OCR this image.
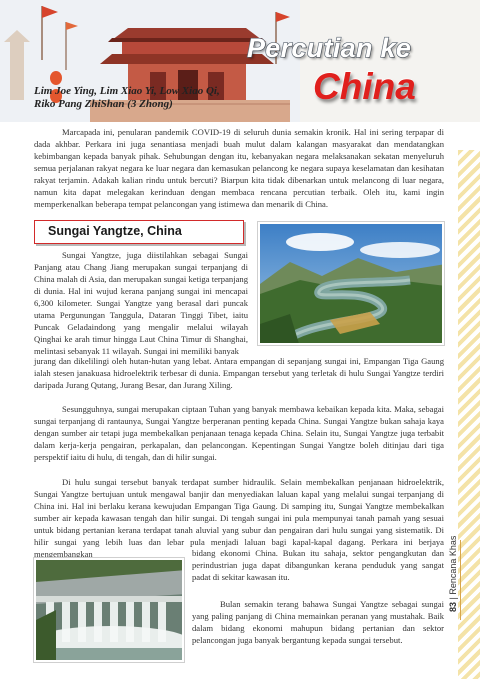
Percutian ke
China
Lim Joe Ying, Lim Xiao Yi, Low Xiao Qi,
Riko Pang ZhiShan (3 Zhong)
Marcapada ini, penularan pandemik COVID-19 di seluruh dunia semakin kronik. Hal ini sering terpapar di dada akhbar. Perkara ini juga senantiasa menjadi buah mulut dalam kalangan masyarakat dan mendatangkan kebimbangan kepada banyak pihak. Sehubungan dengan itu, kebanyakan negara melaksanakan sekatan menyeluruh semua perjalanan rakyat negara ke luar negara dan kemasukan pelancong ke negara supaya keselamatan dan kesihatan rakyat terjamin. Adakah kalian rindu untuk bercuti? Biarpun kita tidak dibenarkan untuk melancong di luar negara, namun kita dapat melegakan kerinduan dengan membaca rencana percutian terbaik. Oleh itu, kami ingin memperkenalkan beberapa tempat pelancongan yang istimewa dan menarik di China.
Sungai Yangtze, China
Sungai Yangtze, juga diistilahkan sebagai Sungai Panjang atau Chang Jiang merupakan sungai terpanjang di China malah di Asia, dan merupakan sungai ketiga terpanjang di dunia. Hal ini wujud kerana panjang sungai ini mencapai 6,300 kilometer. Sungai Yangtze yang berasal dari puncak utama Pergunungan Tanggula, Dataran Tinggi Tibet, iaitu Puncak Geladaindong yang mengalir melalui wilayah Qinghai ke arah timur hingga Laut China Timur di Shanghai, melintasi sebanyak 11 wilayah. Sungai ini memiliki banyak
jurang dan dikelilingi oleh hutan-hutan yang lebat. Antara empangan di sepanjang sungai ini, Empangan Tiga Gaung ialah stesen janakuasa hidroelektrik terbesar di dunia. Empangan tersebut yang terletak di hulu Sungai Yangtze terdiri daripada Jurang Qutang, Jurang Besar, dan Jurang Xiling.
Sesungguhnya, sungai merupakan ciptaan Tuhan yang banyak membawa kebaikan kepada kita. Maka, sebagai sungai terpanjang di rantaunya, Sungai Yangtze berperanan penting kepada China. Sungai Yangtze bukan sahaja kaya dengan sumber air tetapi juga membekalkan penjanaan tenaga kepada China. Selain itu, Sungai Yangtze juga terbabit dalam kerja-kerja pengairan, perkapalan, dan pelancongan. Kepentingan Sungai Yangtze boleh ditinjau dari tiga perspektif iaitu di hulu, di tengah, dan di hilir sungai.
Di hulu sungai tersebut banyak terdapat sumber hidraulik. Selain membekalkan penjanaan hidroelektrik, Sungai Yangtze bertujuan untuk mengawal banjir dan menyediakan laluan kapal yang melalui sungai terpanjang di China ini. Hal ini berlaku kerana kewujudan Empangan Tiga Gaung. Di samping itu, Sungai Yangtze membekalkan sumber air kepada kawasan tengah dan hilir sungai. Di tengah sungai ini pula mempunyai tanah pamah yang sesuai untuk bidang pertanian kerana terdapat tanah aluvial yang subur dan pengairan dari hulu sungai yang sistematik. Di hilir sungai yang lebih luas dan lebar pula menjadi laluan bagi kapal-kapal dagang. Perkara ini berjaya mengembangkan	bidang ekonomi China. Bukan itu sahaja, sektor pengangkutan dan perindustrian juga dapat dibangunkan kerana penduduk yang sangat padat di sekitar kawasan itu.
Bulan semakin terang bahawa Sungai Yangtze sebagai sungai yang paling panjang di China memainkan peranan yang mustahak. Baik dalam bidang ekonomi mahupun bidang pertanian dan sektor pelancongan juga banyak bergantung kepada sungai tersebut.
83 | Rencana Khas
